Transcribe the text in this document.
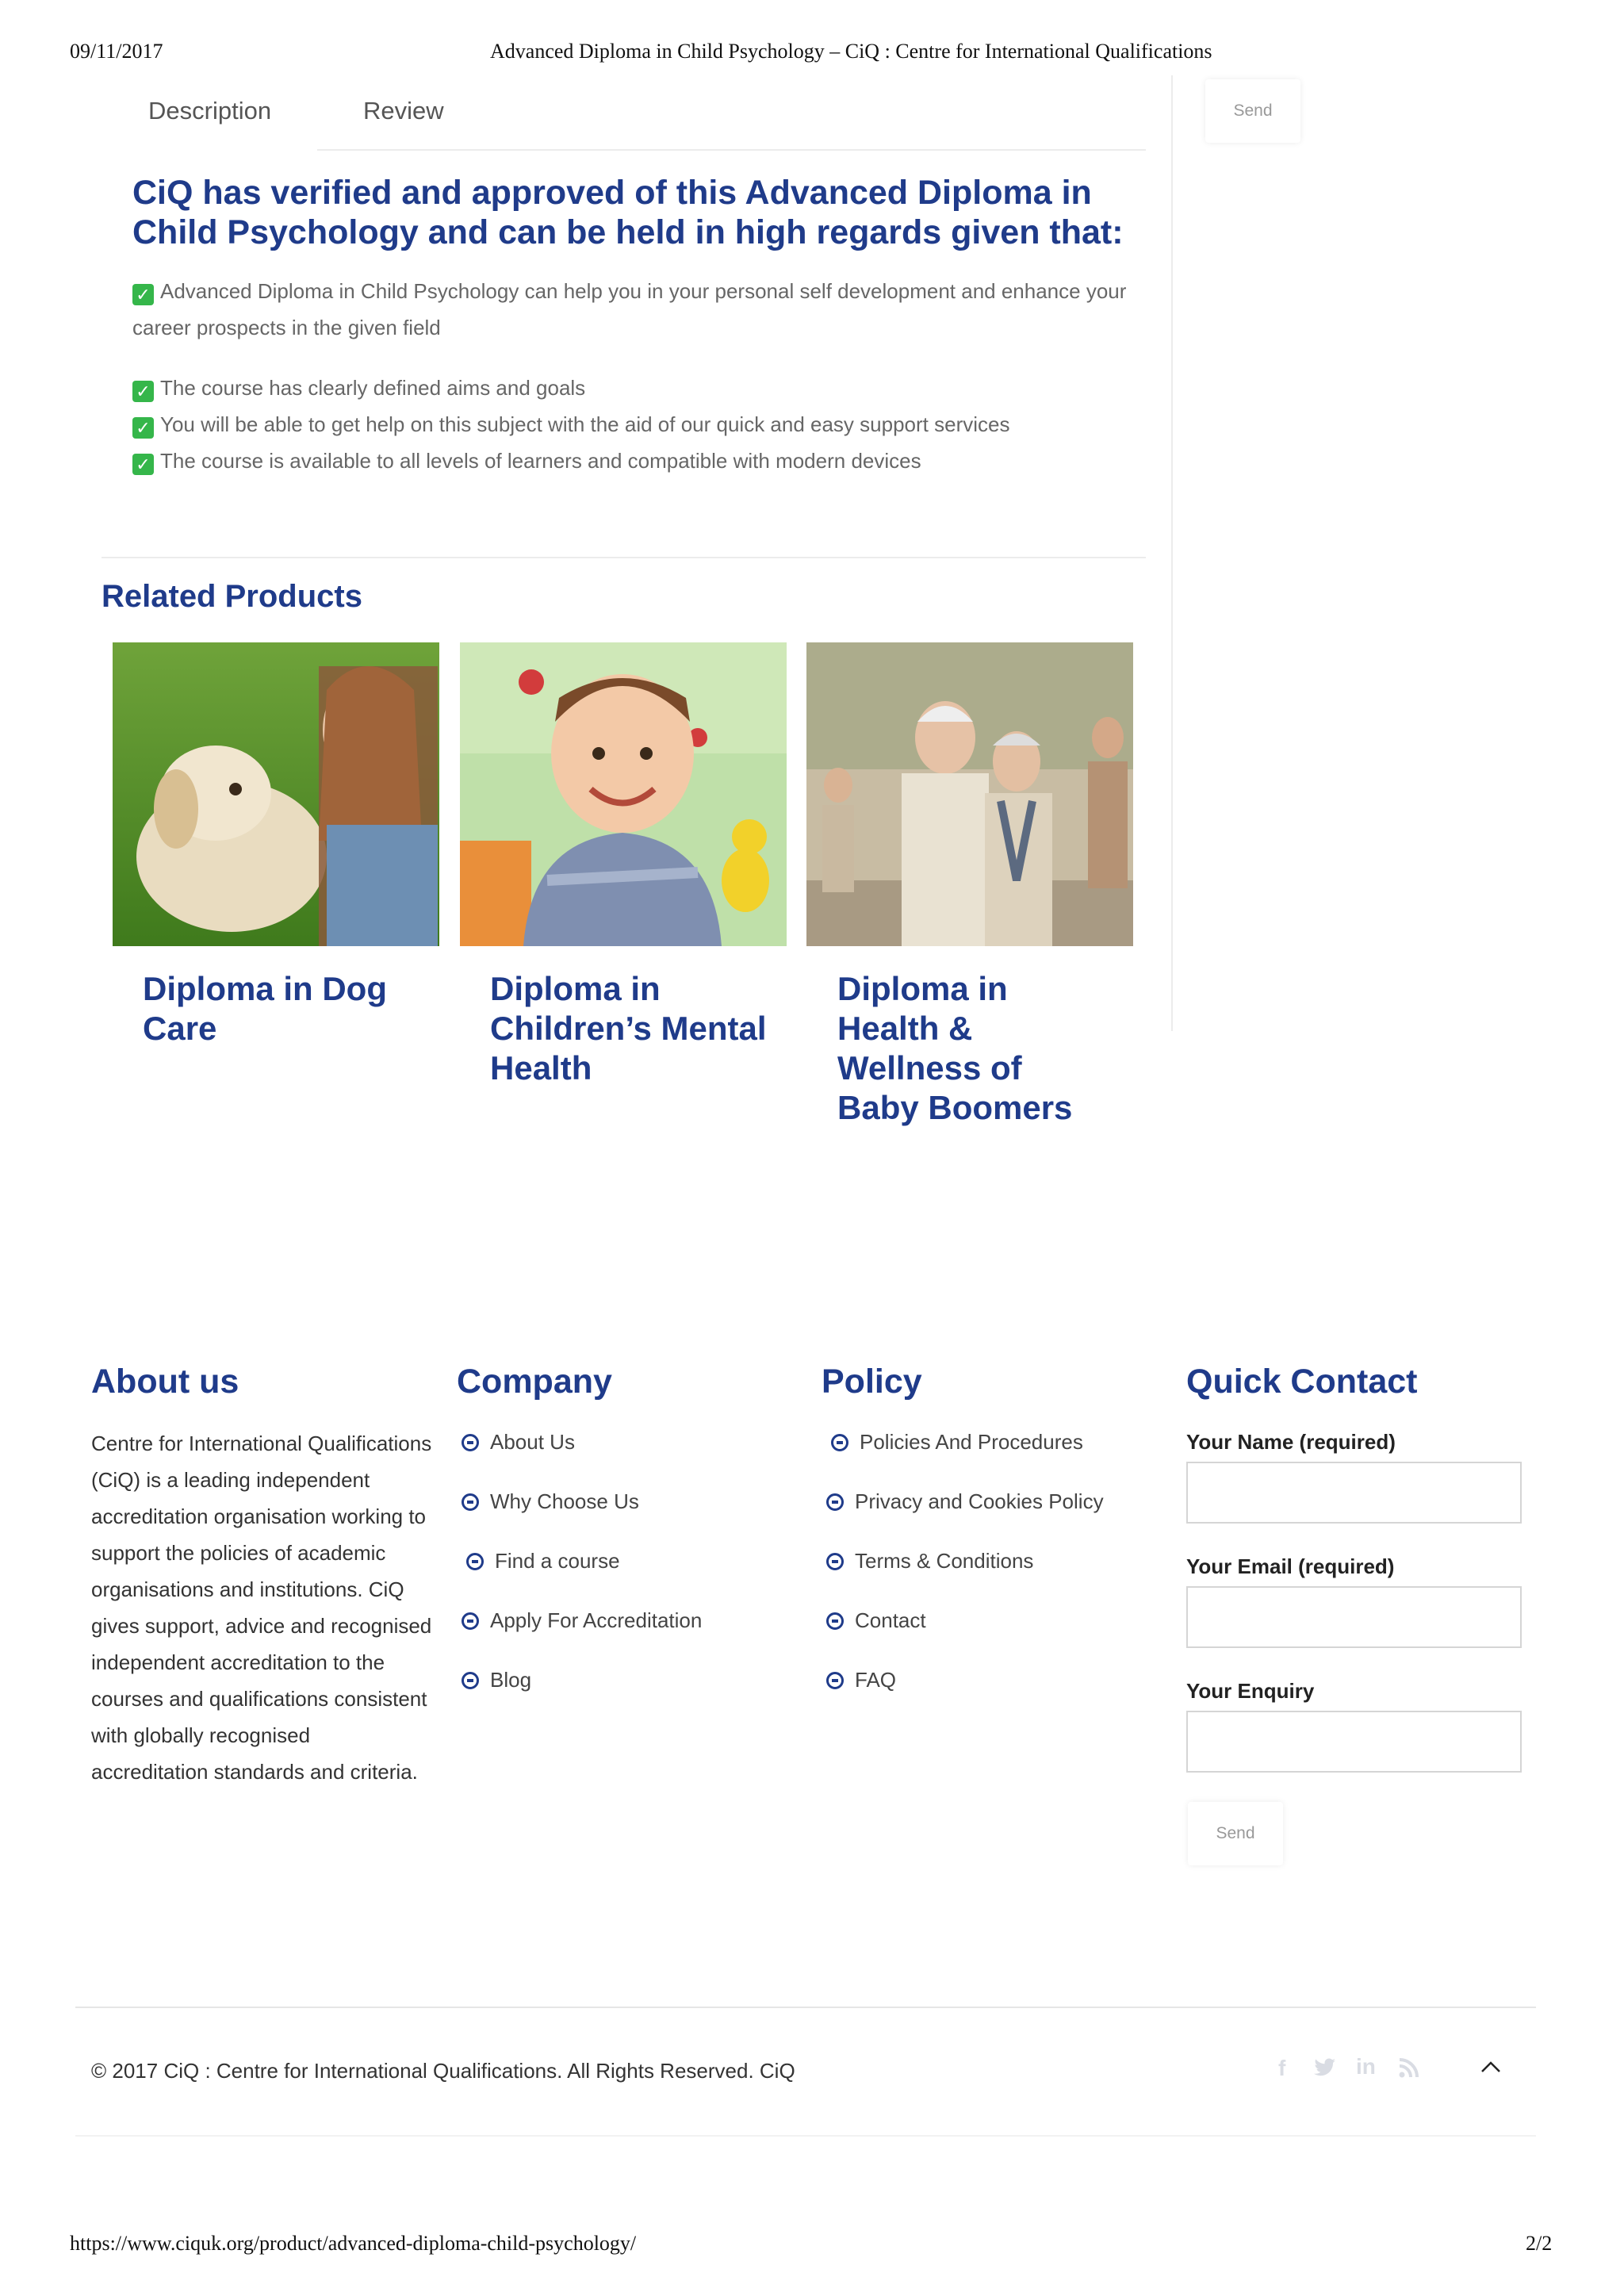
09/11/2017	Advanced Diploma in Child Psychology – CiQ : Centre for International Qualifications
Description	Review	Send
CiQ has verified and approved of this Advanced Diploma in Child Psychology and can be held in high regards given that:
✓ Advanced Diploma in Child Psychology can help you in your personal self development and enhance your career prospects in the given field
✓ The course has clearly defined aims and goals
✓ You will be able to get help on this subject with the aid of our quick and easy support services
✓ The course is available to all levels of learners and compatible with modern devices
Related Products
Diploma in Dog Care
Diploma in Children’s Mental Health
Diploma in Health & Wellness of Baby Boomers
About us
Centre for International Qualifications (CiQ) is a leading independent accreditation organisation working to support the policies of academic organisations and institutions. CiQ gives support, advice and recognised independent accreditation to the courses and qualifications consistent with globally recognised accreditation standards and criteria.
Company
About Us
Why Choose Us
Find a course
Apply For Accreditation
Blog
Policy
Policies And Procedures
Privacy and Cookies Policy
Terms & Conditions
Contact
FAQ
Quick Contact
Your Name (required)
Your Email (required)
Your Enquiry
Send
© 2017 CiQ : Centre for International Qualifications. All Rights Reserved. CiQ	f	in
https://www.ciquk.org/product/advanced-diploma-child-psychology/	2/2
